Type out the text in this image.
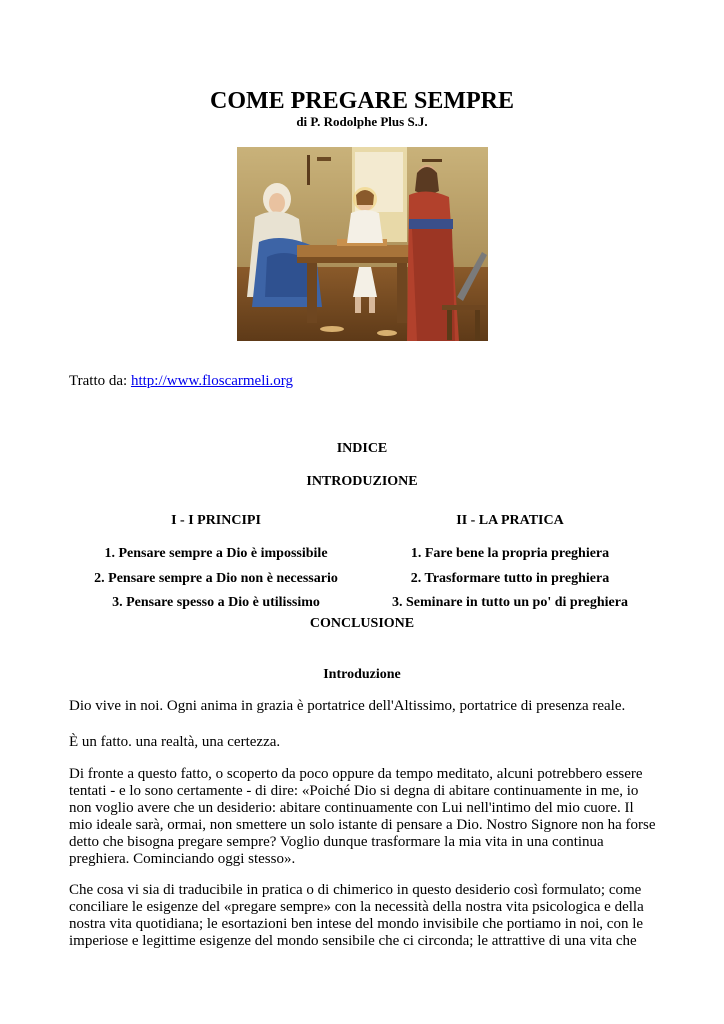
COME PREGARE SEMPRE
di P. Rodolphe Plus S.J.
Tratto da: http://www.floscarmeli.org
INDICE
INTRODUZIONE
I - I PRINCIPI	II - LA PRATICA
1. Pensare sempre a Dio è impossibile
2. Pensare sempre a Dio non è necessario
3. Pensare spesso a Dio è utilissimo
1. Fare bene la propria preghiera
2. Trasformare tutto in preghiera
3. Seminare in tutto un po' di preghiera
CONCLUSIONE
Introduzione

Dio vive in noi. Ogni anima in grazia è portatrice dell'Altissimo, portatrice di presenza reale.

È un fatto. una realtà, una certezza.

Di fronte a questo fatto, o scoperto da poco oppure da tempo meditato, alcuni potrebbero essere tentati - e lo sono certamente - di dire: «Poiché Dio si degna di abitare continuamente in me, io non voglio avere che un desiderio: abitare continuamente con Lui nell'intimo del mio cuore. Il mio ideale sarà, ormai, non smettere un solo istante di pensare a Dio. Nostro Signore non ha forse detto che bisogna pregare sempre? Voglio dunque trasformare la mia vita in una continua preghiera. Cominciando oggi stesso».

Che cosa vi sia di traducibile in pratica o di chimerico in questo desiderio così formulato; come conciliare le esigenze del «pregare sempre» con la necessità della nostra vita psicologica e della nostra vita quotidiana; le esortazioni ben intese del mondo invisibile che portiamo in noi, con le imperiose e legittime esigenze del mondo sensibile che ci circonda; le attrattive di una vita che
